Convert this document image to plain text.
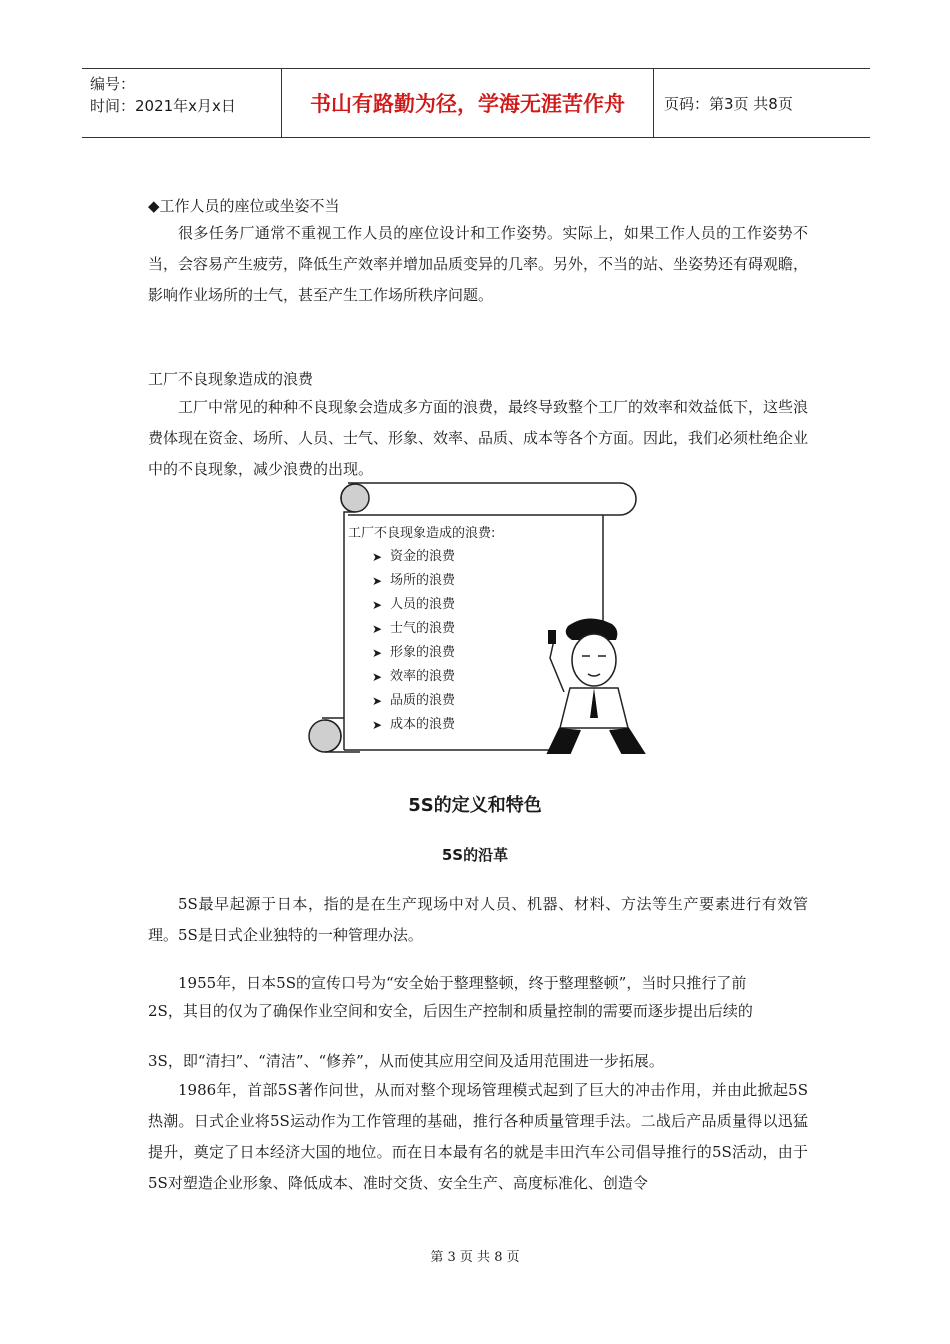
编号：
时间：2021年x月x日	书山有路勤为径，学海无涯苦作舟	页码：第3页 共8页
◆工作人员的座位或坐姿不当
很多任务厂通常不重视工作人员的座位设计和工作姿势。实际上，如果工作人员的工作姿势不当，会容易产生疲劳，降低生产效率并增加品质变异的几率。另外，不当的站、坐姿势还有碍观瞻，影响作业场所的士气，甚至产生工作场所秩序问题。
工厂不良现象造成的浪费
工厂中常见的种种不良现象会造成多方面的浪费，最终导致整个工厂的效率和效益低下，这些浪费体现在资金、场所、人员、士气、形象、效率、品质、成本等各个方面。因此，我们必须杜绝企业中的不良现象，减少浪费的出现。
工厂不良现象造成的浪费:
➤ 资金的浪费
➤ 场所的浪费
➤ 人员的浪费
➤ 士气的浪费
➤ 形象的浪费
➤ 效率的浪费
➤ 品质的浪费
➤ 成本的浪费
5S的定义和特色
5S的沿革
5S最早起源于日本，指的是在生产现场中对人员、机器、材料、方法等生产要素进行有效管理。5S是日式企业独特的一种管理办法。
1955年，日本5S的宣传口号为“安全始于整理整顿，终于整理整顿”，当时只推行了前
2S，其目的仅为了确保作业空间和安全，后因生产控制和质量控制的需要而逐步提出后续的
3S，即“清扫”、“清洁”、“修养”，从而使其应用空间及适用范围进一步拓展。
1986年，首部5S著作问世，从而对整个现场管理模式起到了巨大的冲击作用，并由此掀起5S热潮。日式企业将5S运动作为工作管理的基础，推行各种质量管理手法。二战后产品质量得以迅猛提升，奠定了日本经济大国的地位。而在日本最有名的就是丰田汽车公司倡导推行的5S活动，由于5S对塑造企业形象、降低成本、准时交货、安全生产、高度标准化、创造令
第 3 页 共 8 页
